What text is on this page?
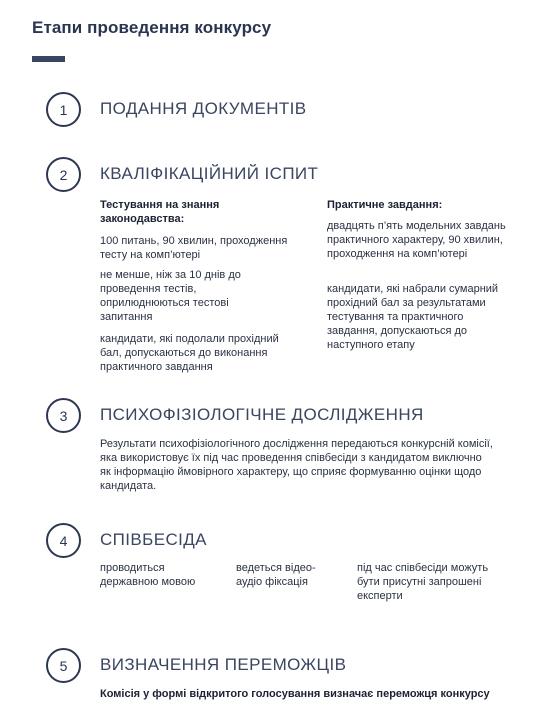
Етапи проведення конкурсу
1	ПОДАННЯ ДОКУМЕНТІВ
2	КВАЛІФІКАЦІЙНИЙ ІСПИТ

Тестування на знання законодавства:

100 питань, 90 хвилин, проходження тесту на комп’ютері

не менше, ніж за 10 днів до проведення тестів, оприлюднюються тестові запитання

кандидати, які подолали прохідний бал, допускаються до виконання практичного завдання

Практичне завдання:

двадцять п’ять модельних завдань практичного характеру, 90 хвилин, проходження на комп’ютері

кандидати, які набрали сумарний прохідний бал за результатами тестування та практичного завдання, допускаються до наступного етапу

3	ПСИХОФІЗІОЛОГІЧНЕ ДОСЛІДЖЕННЯ

Результати психофізіологічного дослідження передаються конкурсній комісії, яка використовує їх під час проведення співбесіди з кандидатом виключно як інформацію ймовірного характеру, що сприяє формуванню оцінки щодо кандидата.

4	СПІВБЕСІДА

проводиться державною мовою

ведеться відео-аудіо фіксація

під час співбесіди можуть бути присутні запрошені експерти

5	ВИЗНАЧЕННЯ ПЕРЕМОЖЦІВ

Комісія у формі відкритого голосування визначає переможця конкурсу
